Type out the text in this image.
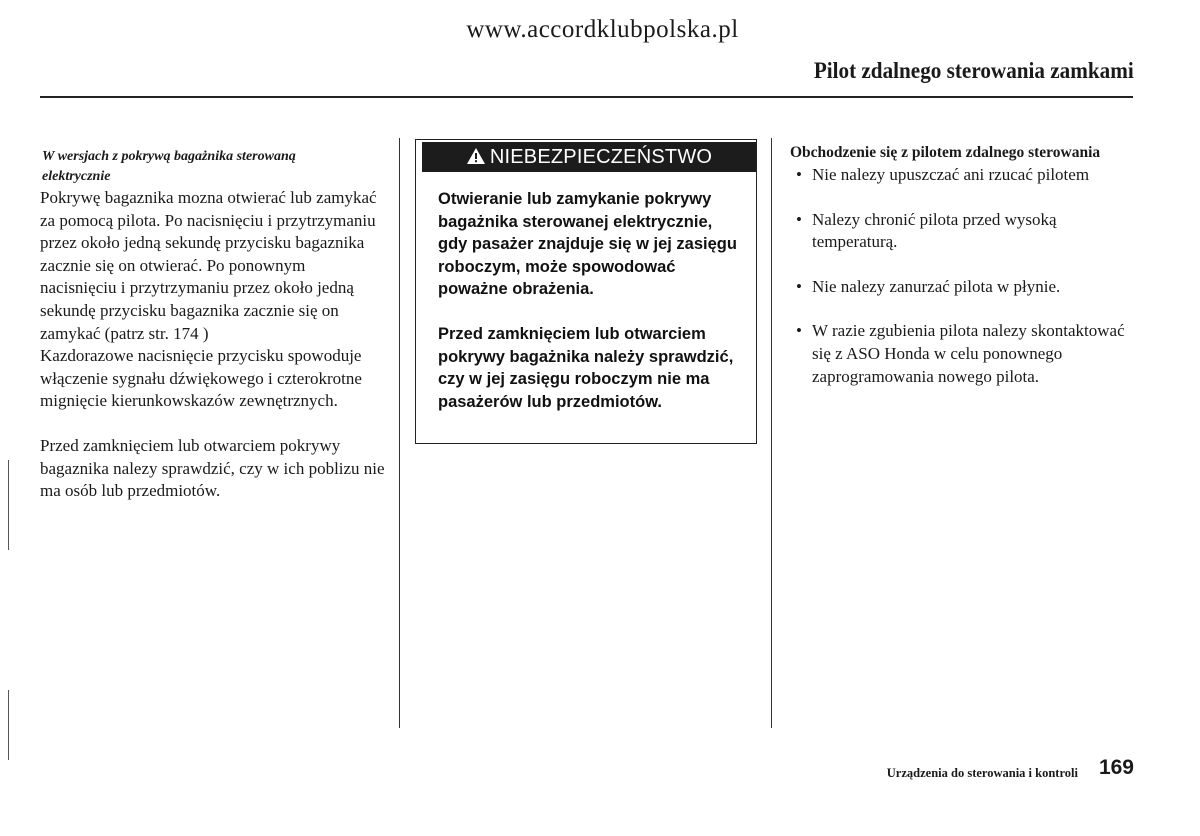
www.accordklubpolska.pl
Pilot zdalnego sterowania zamkami
W wersjach z pokrywą bagażnika sterowaną
elektrycznie

Pokrywę bagaznika mozna otwierać lub zamykać za pomocą pilota. Po nacisnięciu i przytrzymaniu przez około jedną sekundę przycisku bagaznika zacznie się on otwierać. Po ponownym nacisnięciu i przytrzymaniu przez około jedną sekundę przycisku bagaznika zacznie się on zamykać (patrz str. 174 )

Kazdorazowe nacisnięcie przycisku spowoduje włączenie sygnału dźwiękowego i czterokrotne mignięcie kierunkowskazów zewnętrznych.

Przed zamknięciem lub otwarciem pokrywy bagaznika nalezy sprawdzić, czy w ich poblizu nie ma osób lub przedmiotów.

NIEBEZPIECZEŃSTWO

Otwieranie lub zamykanie pokrywy bagażnika sterowanej elektrycznie, gdy pasażer znajduje się w jej zasięgu roboczym, może spowodować poważne obrażenia.

Przed zamknięciem lub otwarciem pokrywy bagażnika należy sprawdzić, czy w jej zasięgu roboczym nie ma pasażerów lub przedmiotów.

Obchodzenie się z pilotem zdalnego sterowania
• Nie nalezy upuszczać ani rzucać pilotem
• Nalezy chronić pilota przed wysoką temperaturą.
• Nie nalezy zanurzać pilota w płynie.
• W razie zgubienia pilota nalezy skontaktować się z ASO Honda w celu ponownego zaprogramowania nowego pilota.
Urządzenia do sterowania i kontroli 169
